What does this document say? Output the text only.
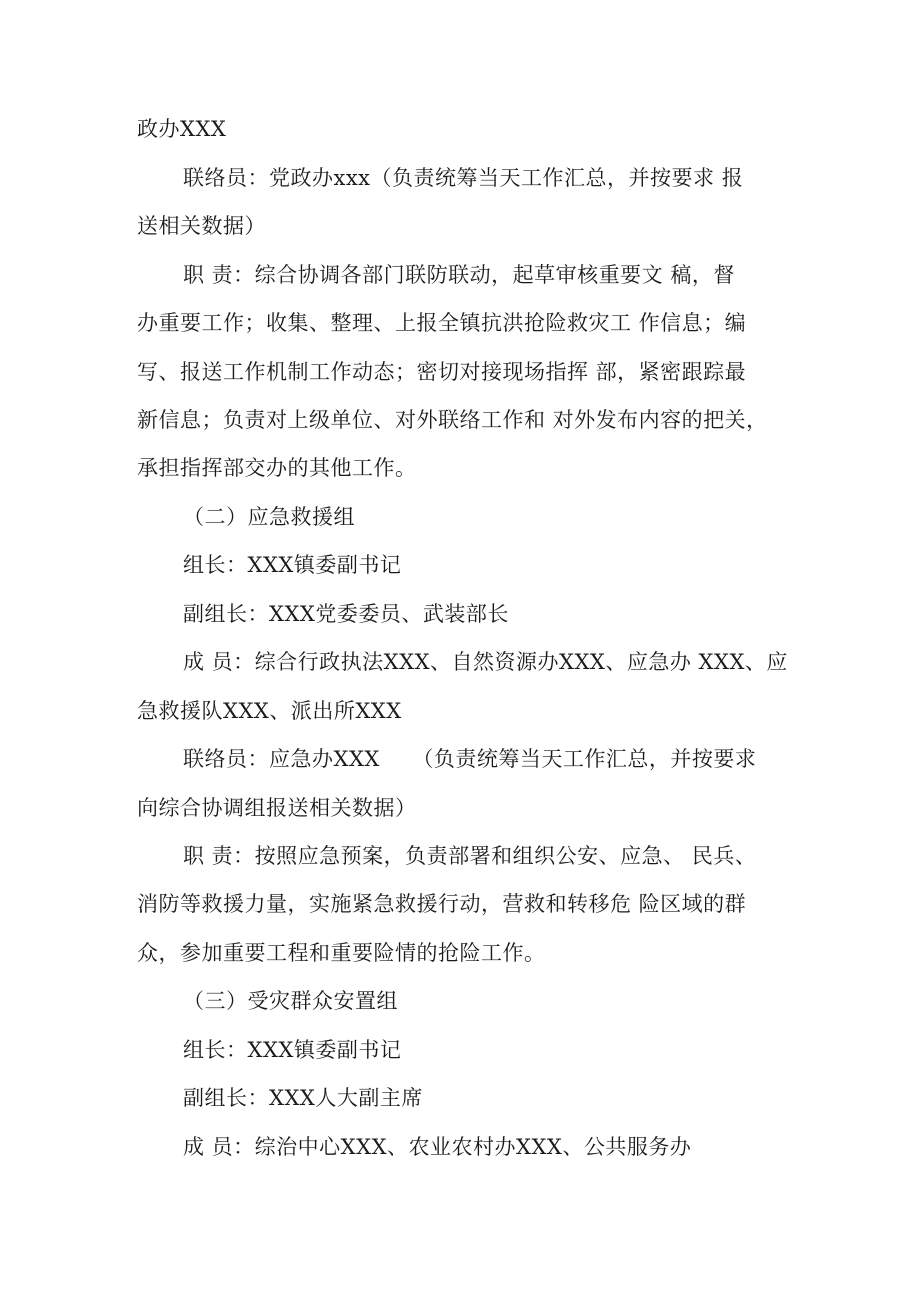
政办XXX
联络员：党政办xxx（负责统筹当天工作汇总，并按要求 报
送相关数据）
职 责：综合协调各部门联防联动，起草审核重要文 稿，督
办重要工作；收集、整理、上报全镇抗洪抢险救灾工 作信息；编
写、报送工作机制工作动态；密切对接现场指挥 部，紧密跟踪最
新信息；负责对上级单位、对外联络工作和 对外发布内容的把关，
承担指挥部交办的其他工作。
（二）应急救援组
组长：XXX镇委副书记
副组长：XXX党委委员、武装部长
成 员：综合行政执法XXX、自然资源办XXX、应急办 XXX、应
急救援队XXX、派出所XXX
联络员：应急办XXX　　（负责统筹当天工作汇总，并按要求
向综合协调组报送相关数据）
职 责：按照应急预案，负责部署和组织公安、应急、 民兵、
消防等救援力量，实施紧急救援行动，营救和转移危 险区域的群
众，参加重要工程和重要险情的抢险工作。
（三）受灾群众安置组
组长：XXX镇委副书记
副组长：XXX人大副主席
成 员：综治中心XXX、农业农村办XXX、公共服务办
